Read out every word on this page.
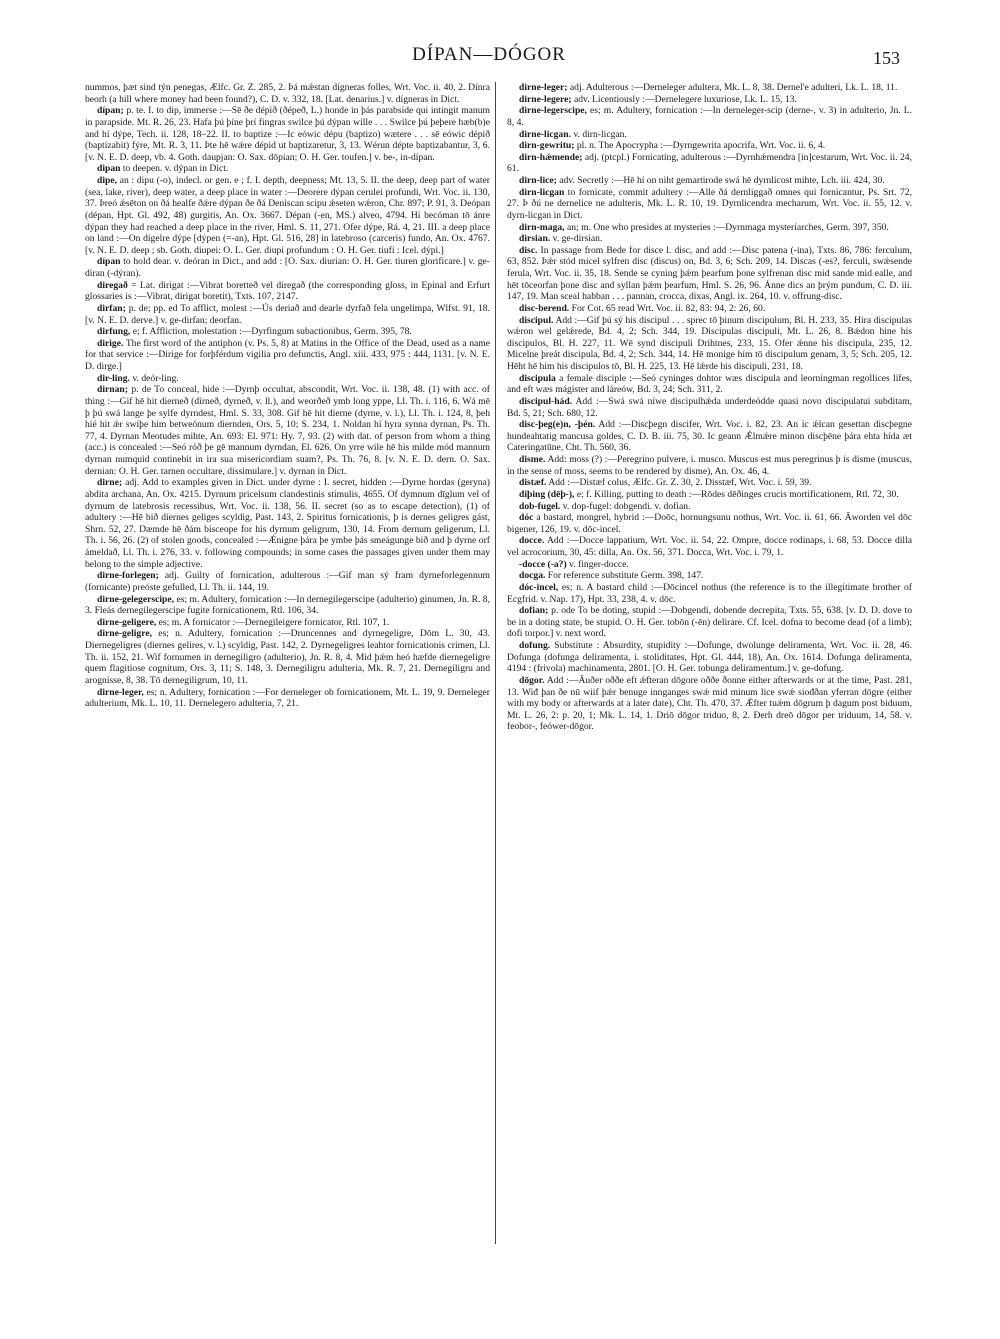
DÍPAN—DÓGOR	153
nummos, þæt sind týn penegas, Ælfc. Gr. Z. 285, 2. Þá mǽstan dígneras folles, Wrt. Voc. ii. 40, 2. Dínra beorh (a hill where money had been found?), C. D. v. 332, 18. [Lat. denarius.] v. dígneras in Dict.
dípan; p. te. I. to dip, immerse :—Sē ðe dépið (ðépeð, L.) honde in þás parabside qui intingit manum in parapside. Mt. R. 26, 23. Hafa þú þíne þrí fingras swilce þú dýpan wille . . . Swilce þú þeþere hæb(b)e and hí dýpe, Tech. ii. 128, 18–22. II. to baptize :—Ic eówic dépu (baptizo) wætere . . . sē eówic dépið (baptizabit) fýre, Mt. R. 3, 11. Þte hē wǽre dépid ut baptizaretur, 3, 13. Wérun dépte baptizabantur, 3, 6. [v. N. E. D. deep, vb. 4. Goth. daupjan: O. Sax. dōpian; O. H. Ger. toufen.] v. be-, in-dípan.
dipan to deepen. v. dýpan in Dict.
dipe, an : dipu (-o), indecl. or gen. e ; f. I. depth, deepness; Mt. 13, 5. II. the deep, deep part of water (sea, lake, river), deep water, a deep place in water :—Deorere dýpan cerulei profundi, Wrt. Voc. ii. 130, 37. Þreó ǽsēton on ðá healfe ðǽre dýpan ðe ðá Deniscan scipu ǽseten wǽron, Chr. 897; P. 91, 3. Deópan (dépan, Hpt. Gl. 492, 48) gurgitis, An. Ox. 3667. Dépan (-en, MS.) alveo, 4794. Hí becóman tō ánre dýpan they had reached a deep place in the river, Hml. S. 11, 271. Ofer dýpe, Rá. 4, 21. III. a deep place on land :—On digelre dýpe [dýpen (=-an), Hpt. Gl. 516, 28] in latebroso (carceris) fundo, An. Ox. 4767. [v. N. E. D. deep ; sb. Goth. diupei: O. L. Ger. diupí profundum : O. H. Ger. tiufí : Icel. dýpi.]
dípan to hold dear. v. deóran in Dict., and add : [O. Sax. diurian: O. H. Ger. tiuren glorificare.] v. ge-díran (-dýran).
diregað = Lat. dirigat :—Vibrat boretteð vel diregað (the corresponding gloss, in Epinal and Erfurt glossaries is :—Vibrat, dirigat boretit), Txts. 107, 2147.
dirfan; p. de; pp. ed To afflict, molest :—Ús deriað and dearle dyrfað fela ungelimpa, Wlfst. 91, 18. [v. N. E. D. derve.] v. ge-dirfan; deorfan.
dirfung, e; f. Affliction, molestation :—Dyrfingum subactionibus, Germ. 395, 78.
dirige. The first word of the antiphon (v. Ps. 5, 8) at Matins in the Office of the Dead, used as a name for that service :—Dirige for forþférdum vigilia pro defunctis, Angl. xiii. 433, 975 : 444, 1131. [v. N. E. D. dirge.]
dir-ling. v. deór-ling.
dirnan; p. de To conceal, hide :—Dyrnþ occultat, abscondit, Wrt. Voc. ii. 138, 48. (1) with acc. of thing :—Gif hē hit dierneð (dirneð, dyrneð, v. ll.), and weorðeð ymb long yppe, Ll. Th. i. 116, 6. Wá mē þ þú swá lange þe sylfe dyrndest, Hml. S. 33, 308. Gif hē hit dierne (dyrne, v. l.), Ll. Th. i. 124, 8, þeh hié hit ǽr swiþe him betweónum diernden, Ors. 5, 10; S. 234, 1. Noldan hí hyra synna dyrnan, Ps. Th. 77, 4. Dyrnan Meotudes mihte, An. 693: El. 971: Hy. 7, 93. (2) with dat. of person from whom a thing (acc.) is concealed :—Seó róð þe gē mannum dyrndan, El. 626. On yrre wile hē his milde mód mannum dyrnan numquid continebit in ira sua misericordiam suam?, Ps. Th. 76, 8. [v. N. E. D. dern. O. Sax. dernian: O. H. Ger. tarnen occultare, dissimulare.] v. dyrnan in Dict.
dirne; adj. Add to examples given in Dict. under dyrne : I. secret, hidden :—Dyrne hordas (geryna) abdita archana, An. Ox. 4215. Dyrnum pricelsum clandestinis stimulis, 4655. Of dymnum dīglum vel of dyrnum de latebrosis recessibus, Wrt. Voc. ii. 138, 56. II. secret (so as to escape detection), (1) of adultery :—Hē bið diernes geliges scyldig, Past. 143, 2. Spiritus fornicationis, þ is dernes geligres gást, Shrn. 52, 27. Dæmde hē ðám bisceope for his dyrnum geligrum, 130, 14. From dernum geligerum, Ll. Th. i. 56, 26. (2) of stolen goods, concealed :—Ǽnigne þára þe ymbe þás smeágunge bið and þ dyrne orf ámeldað, Ll. Th. i. 276, 33. v. following compounds; in some cases the passages given under them may belong to the simple adjective.
dirne-forlegen; adj. Guilty of fornication, adulterous :—Gif man sý fram dyrneforlegennum (fornicante) preóste gefulled, Ll. Th. ii. 144, 19.
dirne-gelegerscipe, es; m. Adultery, fornication :—In dernegilegerscipe (adulterio) ginumen, Jn. R. 8, 3. Fleás dernegilegerscipe fugite fornicationem, Rtl. 106, 34.
dirne-geligere, es; m. A fornicator :—Dernegileigere fornicator, Rtl. 107, 1.
dirne-geligre, es; n. Adultery, fornication :—Druncennes and dyrnegeligre, Dōm L. 30, 43. Diernegeligres (diernes gelires, v. l.) scyldig, Past. 142, 2. Dyrnegeligres leahtor fornicationis crimen, Ll. Th. ii. 152, 21. Wif fornumen in dernegiligro (adulterio), Jn. R. 8, 4. Mid þǽm heó hæfde diernegeligre quem flagitiose cognitum, Ors. 3, 11; S. 148, 3. Dernegiligru adulteria, Mk. R. 7, 21. Dernegiligru and arognisse, 8, 38. Tō dernegiligrum, 10, 11.
dirne-leger, es; n. Adultery, fornication :—For derneleger ob fornicationem, Mt. L. 19, 9. Derneleger adulterium, Mk. L. 10, 11. Dernelegero adulteria, 7, 21.
dirne-leger; adj. Adulterous :—Derneleger adultera, Mk. L. 8, 38. Dernel'e adulteri, Lk. L. 18, 11.
dirne-legere; adv. Licentiously :—Dernelegere luxuriose, Lk. L. 15, 13.
dirne-legerscipe, es; m. Adultery, fornication :—In derneleger-scip (derne-, v. 3) in adulterio, Jn. L. 8, 4.
dirne-licgan. v. dirn-licgan.
dirn-gewritu; pl. n. The Apocrypha :—Dyrngewrita apocrifa, Wrt. Voc. ii. 6, 4.
dirn-hǽmende; adj. (ptcpl.) Fornicating, adulterous :—Dyrnhǽmendra [in]cestarum, Wrt. Voc. ii. 24, 61.
dirn-lice; adv. Secretly :—Hē hí on niht gemartirode swá hē dyrnlícost mihte, Lch. iii. 424, 30.
dirn-licgan to fornicate, commit adultery :—Alle ðá dernliggað omnes qui fornicantur, Ps. Srt. 72, 27. Þ ðú ne dernelice ne adulteris, Mk. L. R. 10, 19. Dyrnlicendra mecharum, Wrt. Voc. ii. 55, 12. v. dyrn-licgan in Dict.
dirn-maga, an; m. One who presides at mysteries :—Dyrnmaga mysteriarches, Germ. 397, 350.
dirsian. v. ge-dírsian.
disc. In passage from Bede for disce l. disc, and add :—Disc patena (-ina), Txts. 86, 786: ferculum, 63, 852. Þǽr stód micel sylfren disc (discus) on, Bd. 3, 6; Sch. 209, 14. Discas (-es?, ferculi, swǽsende ferula, Wrt. Voc. ii. 35, 18. Sende se cyning þǽm þearfum þone sylfrenan disc mid sande mid ealle, and hēt tōceorfan þone disc and syllan þǽm þearfum, Hml. S. 26, 96. Ánne dics an þrým pundum, C. D. iii. 147, 19. Man sceal habban . . . pannan, crocca, dixas, Angl. ix. 264, 10. v. offrung-disc.
disc-berend. For Cot. 65 read Wrt. Voc. ii. 82, 83: 94, 2: 26, 60.
discipul. Add :—Gif þú sý his discipul . . . sprec tō þinum discipulum, Bl. H. 233, 35. Hira discipulas wǽron wel gelǽrede, Bd. 4, 2; Sch. 344, 19. Discipulas discipuli, Mt. L. 26, 8. Bǽdon hine his discipulos, Bl. H. 227, 11. Wē synd discipuli Drihtnes, 233, 15. Ofer ǽnne his discipula, 235, 12. Micelne þreát discipula, Bd. 4, 2; Sch. 344, 14. Hē monige hím tō discipulum genam, 3, 5; Sch. 205, 12. Hēht hē him his discipulos tō, Bl. H. 225, 13. Hē lǽrde his discipuli, 231, 18.
discipula a female disciple :—Seó cyninges dohtor wæs discipula and leorningman regollices lifes, and eft wæs mágister and láreów, Bd. 3, 24; Sch. 311, 2.
discipul-hád. Add :—Swá swá níwe discipulhǽda underdeódde quasi novo discipulatui subditam, Bd. 5, 21; Sch. 680, 12.
disc-þeg(e)n, -þén. Add :—Discþegn discifer, Wrt. Voc. i. 82, 23. An ic ǽlcan gesettan discþegne hundeahtatig mancusa goldes, C. D. B. iii. 75, 30. Ic geann Ǽlmǽre minon discþēne þára ehta hída æt Cateringatūne, Cht. Th. 560, 36.
disme. Add: moss (?) :—Peregrino pulvere, i. musco. Muscus est mus peregrinus þ is disme (muscus, in the sense of moss, seems to be rendered by disme), An. Ox. 46, 4.
distæf. Add :—Distæf colus, Ælfc. Gr. Z. 30, 2. Disstæf, Wrt. Voc. i. 59, 39.
diþing (dēþ-), e; f. Killing, putting to death :—Rōdes dēðinges crucis mortificationem, Rtl. 72, 30.
dob-fugel. v. dop-fugel: dobgendi. v. dofian.
dóc a bastard, mongrel, hybrid :—Doōc, hornungsunu nothus, Wrt. Voc. ii. 61, 66. Āworden vel dōc bigener, 126, 19. v. dōc-incel.
docce. Add :—Docce lappatium, Wrt. Voc. ii. 54, 22. Ompre, docce rodinaps, i. 68, 53. Docce dilla vel acrocorium, 30, 45: dilla, An. Ox. 56, 371. Docca, Wrt. Voc. i. 79, 1.
-docce (-a?) v. finger-docce.
docga. For reference substitute Germ. 398, 147.
dóc-incel, es; n. A bastard child :—Dōcincel nothus (the reference is to the illegitimate brother of Ecgfrid. v. Nap. 17), Hpt. 33, 238, 4. v. dōc.
dofian; p. ode To be doting, stupid :—Dobgendi, dobende decrepita, Txts. 55, 638. [v. D. D. dove to be in a doting state, be stupid. O. H. Ger. tobōn (-ēn) delirare. Cf. Icel. dofna to become dead (of a limb); dofi torpor.] v. next word.
dofung. Substitute : Absurdity, stupidity :—Dofunge, dwolunge deliramenta, Wrt. Voc. ii. 28, 46. Dofunga (dofunga deliramenta, i. stoliditates, Hpt. Gl. 444, 18), An. Ox. 1614. Dofunga deliramenta, 4194 : (frivola) machinamenta, 2801. [O. H. Ger. tobunga deliramentum.] v. ge-dofung.
dōgor. Add :—Āuðer oððe eft ǽfteran dōgore oððe ðonne either afterwards or at the time, Past. 281, 13. Wiđ þan ðe nū wiif þǽr benuge innganges swǽ mid minum lice swǽ siođðan yferran dōgre (either with my body or afterwards at a later date), Cht. Th. 470, 37. Ǽfter tuǽm dōgrum þ dagum post biduum, Mt. L. 26, 2: p. 20, 1; Mk. L. 14, 1. Driō dōgor triduo, 8, 2. Đerh dreō dōgor per triduum, 14, 58. v. feobor-, feówer-dōgor.
